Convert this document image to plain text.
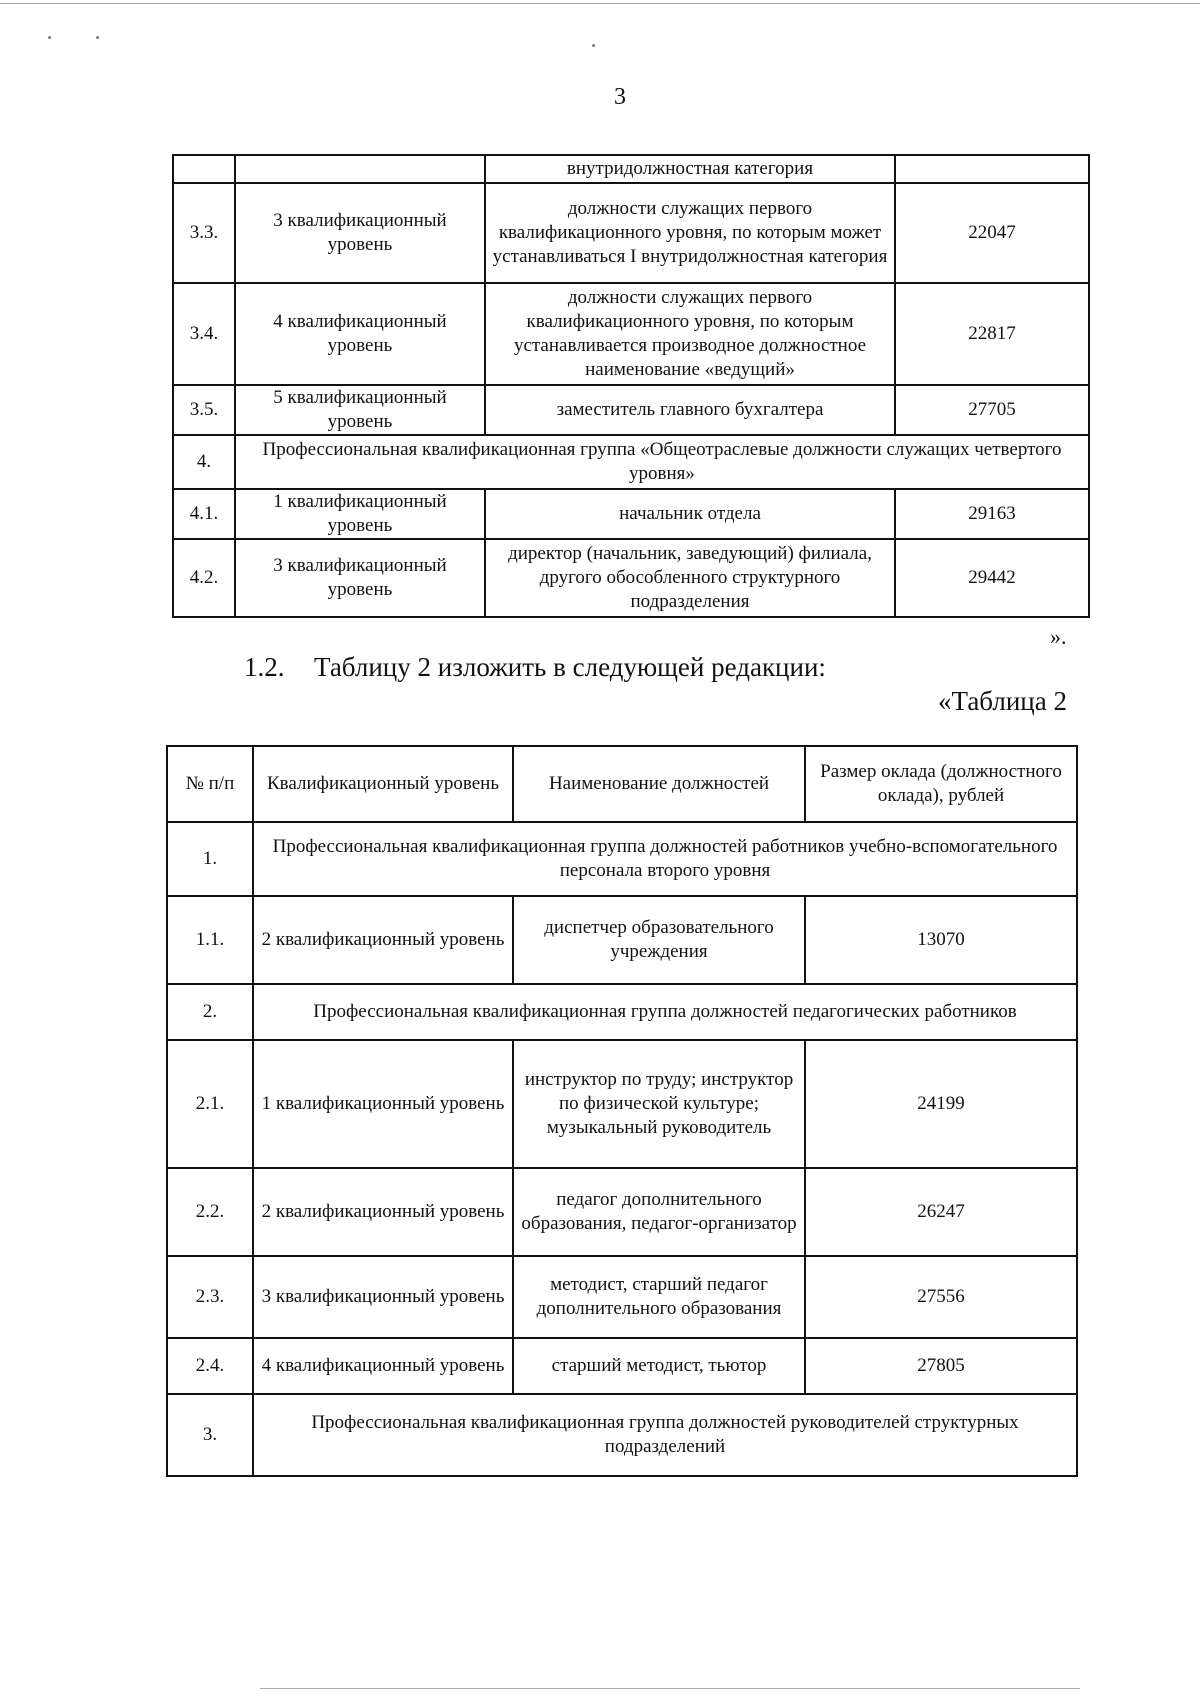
3
		внутридолжностная категория	
3.3.	3 квалификационный уровень	должности служащих первого квалификационного уровня, по которым может устанавливаться I внутридолжностная категория	22047
3.4.	4 квалификационный уровень	должности служащих первого квалификационного уровня, по которым устанавливается производное должностное наименование «ведущий»	22817
3.5.	5 квалификационный уровень	заместитель главного бухгалтера	27705
4.	Профессиональная квалификационная группа «Общеотраслевые должности служащих четвертого уровня»		
4.1.	1 квалификационный уровень	начальник отдела	29163
4.2.	3 квалификационный уровень	директор (начальник, заведующий) филиала, другого обособленного структурного подразделения	29442
».
1.2. Таблицу 2 изложить в следующей редакции:
«Таблица 2
№ п/п	Квалификационный уровень	Наименование должностей	Размер оклада (должностного оклада), рублей
1.	Профессиональная квалификационная группа должностей работников учебно-вспомогательного персонала второго уровня		
1.1.	2 квалификационный уровень	диспетчер образовательного учреждения	13070
2.	Профессиональная квалификационная группа должностей педагогических работников		
2.1.	1 квалификационный уровень	инструктор по труду; инструктор по физической культуре; музыкальный руководитель	24199
2.2.	2 квалификационный уровень	педагог дополнительного образования, педагог-организатор	26247
2.3.	3 квалификационный уровень	методист, старший педагог дополнительного образования	27556
2.4.	4 квалификационный уровень	старший методист, тьютор	27805
3.	Профессиональная квалификационная группа должностей руководителей структурных подразделений		
